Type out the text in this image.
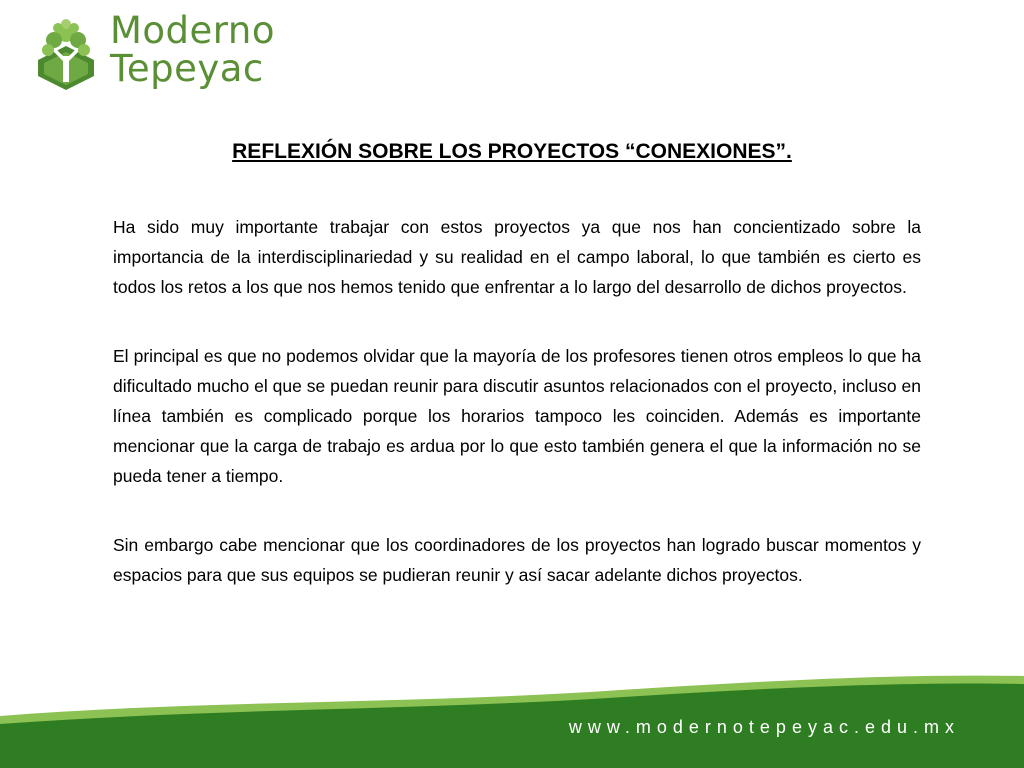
Moderno
Tepeyac
REFLEXIÓN SOBRE LOS PROYECTOS “CONEXIONES”.

Ha sido muy importante trabajar con estos proyectos ya que nos han concientizado sobre la importancia de la interdisciplinariedad y su realidad en el campo laboral, lo que también es cierto es todos los retos a los que nos hemos tenido que enfrentar a lo largo del desarrollo de dichos proyectos.

El principal es que no podemos olvidar que la mayoría de los profesores tienen otros empleos lo que ha dificultado mucho el que se puedan reunir para discutir asuntos relacionados con el proyecto, incluso en línea también es complicado porque los horarios tampoco les coinciden. Además es importante mencionar que la carga de trabajo es ardua por lo que esto también genera el que la información no se pueda tener a tiempo.

Sin embargo cabe mencionar que los coordinadores de los proyectos han logrado buscar momentos y espacios para que sus equipos se pudieran reunir y así sacar adelante dichos proyectos.

www.modernotepeyac.edu.mx
